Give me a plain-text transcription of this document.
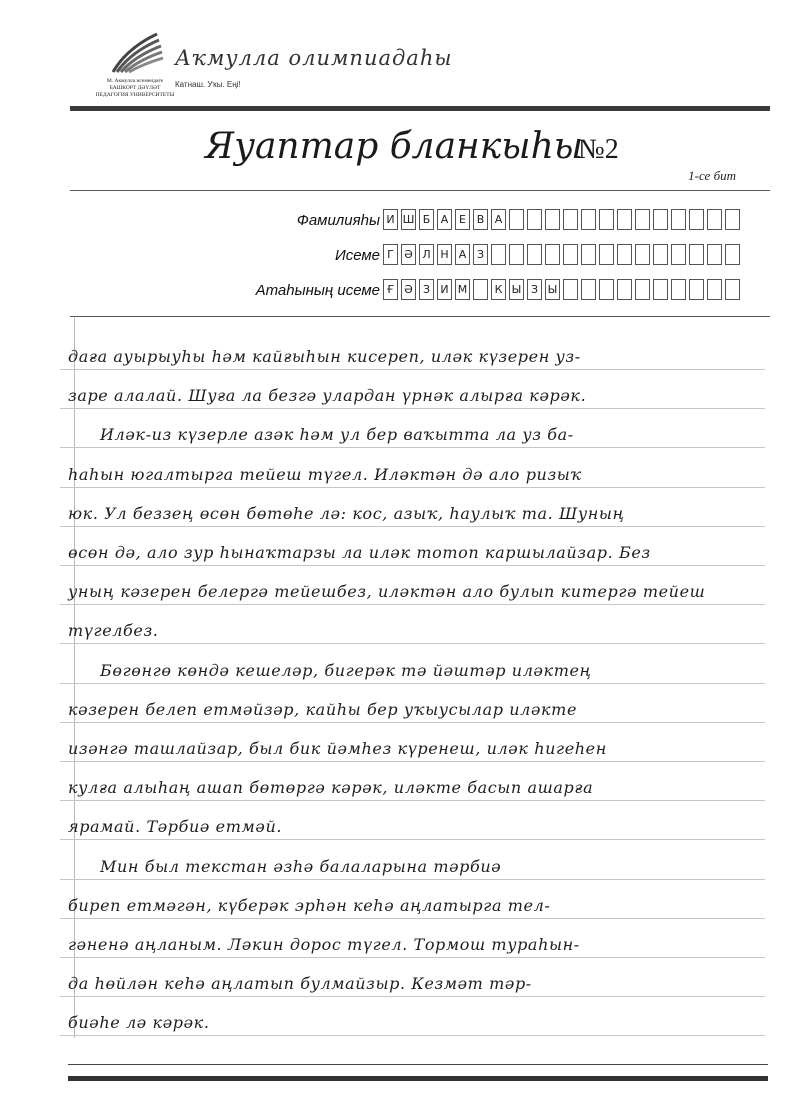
М. Акмулла исемендәге
БАШКОРТ ДӘҮЛӘТ
ПЕДАГОГИЯ УНИВЕРСИТЕТЫ
Аҡмулла олимпиадаһы
Катнаш. Уҡы. Еңі!
Яуаптар бланкыhы
№2
1-се бит
Фамилияhы И Ш Б А Е В А
Исеме Г Ә Л Н А З
Атаhының исеме Ғ Ә З И М	К Ы З Ы
даға ауырыуһы һәм кайғыһын кисереп, иләк күзерен уз-
заре алалай. Шуға ла безгә улардан үрнәк алырға кәрәк.
Иләк-из күзерле азәк һәм ул бер ваҡытта ла уз ба-
һаһын югалтырга тейеш түгел. Иләктән дә ало ризыҡ
юк. Ул беззең өсөн бөтөһе лә: кос, азыҡ, һаулыҡ та. Шуның
өсөн дә, ало зур һынаҡтарзы ла иләк тотоп каршылайзар. Без
уның кәзерен белергә тейешбез, иләктән ало булып китергә тейеш
түгелбез.
Бөгөнгө көндә кешеләр, бигерәк тә йәштәр иләктең
кәзерен белеп етмәйзәр, кайһы бер уҡыусылар иләкте
изәнгә ташлайзар, был бик йәмһез күренеш, иләк һигеһен
кулға алыһаң ашап бөтөргә кәрәк, иләкте басып ашарға
ярамай. Тәрбиә етмәй.
Мин был текстан әзһә балаларына тәрбиә
биреп етмәгән, күберәк эрһән кеһә аңлатырга тел-
гәненә аңланым. Ләкин дорос түгел. Тормош тураһын-
да һөйлән кеһә аңлатып булмайзыр. Кезмәт тәр-
биәһе лә кәрәк.
